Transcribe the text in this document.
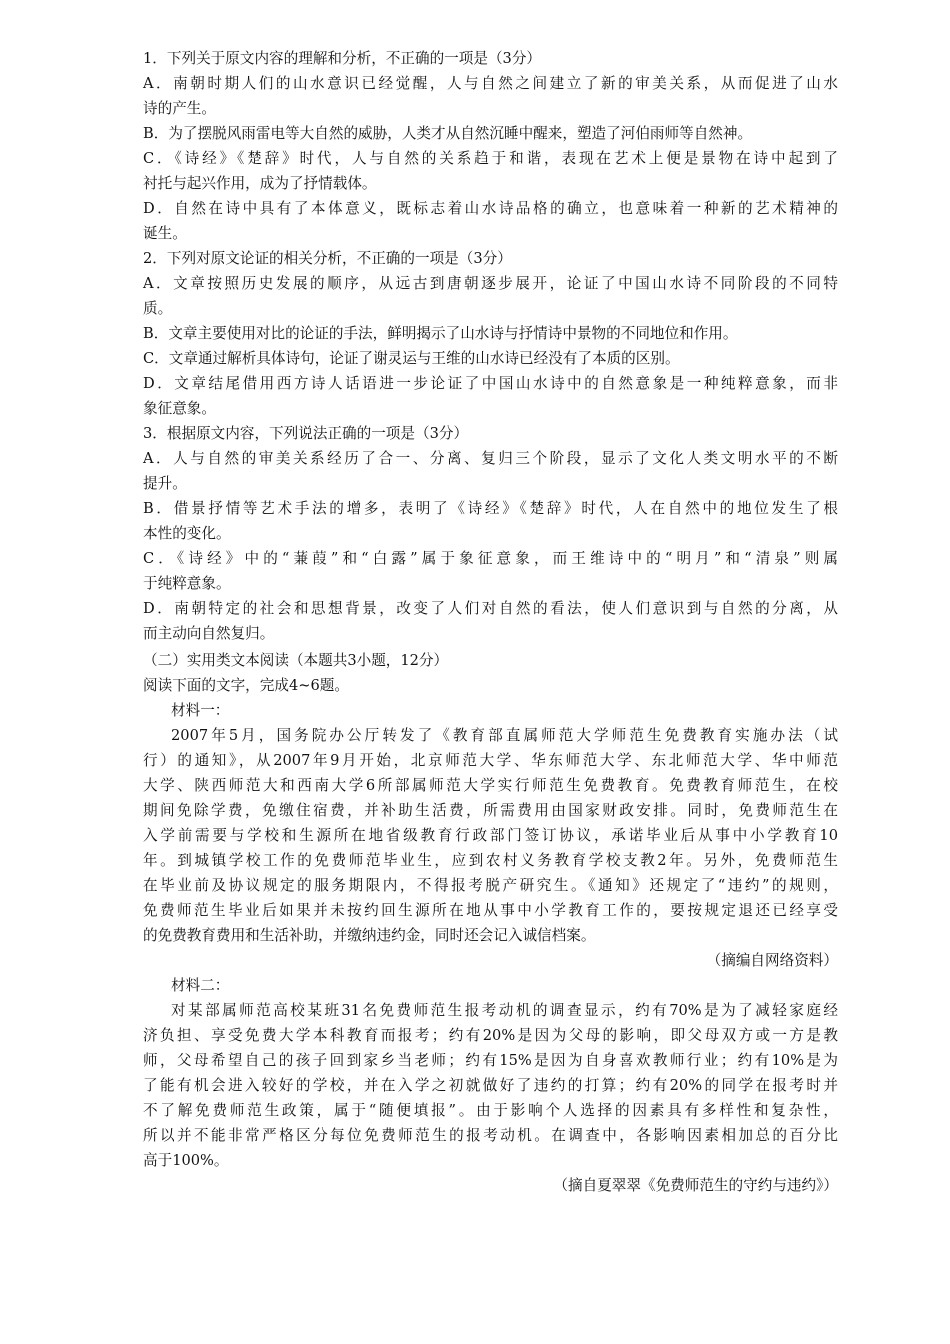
1．下列关于原文内容的理解和分析，不正确的一项是（3分）
A．南朝时期人们的山水意识已经觉醒，人与自然之间建立了新的审美关系，从而促进了山水
诗的产生。
B．为了摆脱风雨雷电等大自然的威胁，人类才从自然沉睡中醒来，塑造了河伯雨师等自然神。
C．《诗经》《楚辞》时代，人与自然的关系趋于和谐，表现在艺术上便是景物在诗中起到了
衬托与起兴作用，成为了抒情载体。
D．自然在诗中具有了本体意义，既标志着山水诗品格的确立，也意味着一种新的艺术精神的
诞生。
2．下列对原文论证的相关分析，不正确的一项是（3分）
A．文章按照历史发展的顺序，从远古到唐朝逐步展开，论证了中国山水诗不同阶段的不同特
质。
B．文章主要使用对比的论证的手法，鲜明揭示了山水诗与抒情诗中景物的不同地位和作用。
C．文章通过解析具体诗句，论证了谢灵运与王维的山水诗已经没有了本质的区别。
D．文章结尾借用西方诗人话语进一步论证了中国山水诗中的自然意象是一种纯粹意象，而非
象征意象。
3．根据原文内容，下列说法正确的一项是（3分）
A．人与自然的审美关系经历了合一、分离、复归三个阶段，显示了文化人类文明水平的不断
提升。
B．借景抒情等艺术手法的增多，表明了《诗经》《楚辞》时代，人在自然中的地位发生了根
本性的变化。
C．《诗经》中的“蒹葭”和“白露”属于象征意象，而王维诗中的“明月”和“清泉”则属
于纯粹意象。
D．南朝特定的社会和思想背景，改变了人们对自然的看法，使人们意识到与自然的分离，从
而主动向自然复归。
（二）实用类文本阅读（本题共3小题，12分）
阅读下面的文字，完成4~6题。
材料一：
2007年5月，国务院办公厅转发了《教育部直属师范大学师范生免费教育实施办法（试
行）的通知》，从2007年9月开始，北京师范大学、华东师范大学、东北师范大学、华中师范
大学、陕西师范大和西南大学6所部属师范大学实行师范生免费教育。免费教育师范生，在校
期间免除学费，免缴住宿费，并补助生活费，所需费用由国家财政安排。同时，免费师范生在
入学前需要与学校和生源所在地省级教育行政部门签订协议，承诺毕业后从事中小学教育10
年。到城镇学校工作的免费师范毕业生，应到农村义务教育学校支教2年。另外，免费师范生
在毕业前及协议规定的服务期限内，不得报考脱产研究生。《通知》还规定了“违约”的规则，
免费师范生毕业后如果并未按约回生源所在地从事中小学教育工作的，要按规定退还已经享受
的免费教育费用和生活补助，并缴纳违约金，同时还会记入诚信档案。
（摘编自网络资料）
材料二：
对某部属师范高校某班31名免费师范生报考动机的调查显示，约有70%是为了减轻家庭经
济负担、享受免费大学本科教育而报考；约有20%是因为父母的影响，即父母双方或一方是教
师，父母希望自己的孩子回到家乡当老师；约有15%是因为自身喜欢教师行业；约有10%是为
了能有机会进入较好的学校，并在入学之初就做好了违约的打算；约有20%的同学在报考时并
不了解免费师范生政策，属于“随便填报”。由于影响个人选择的因素具有多样性和复杂性，
所以并不能非常严格区分每位免费师范生的报考动机。在调查中，各影响因素相加总的百分比
高于100%。
（摘自夏翠翠《免费师范生的守约与违约》）
